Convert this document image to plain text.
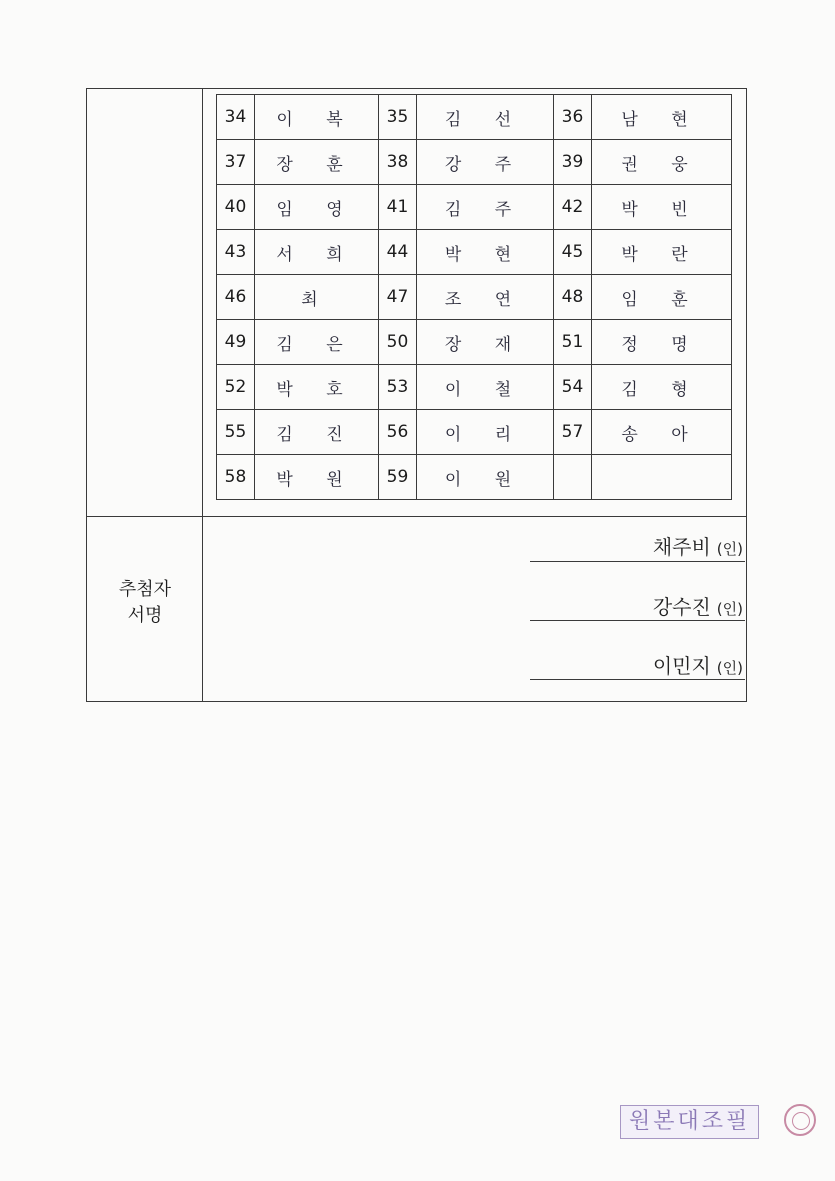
추첨자
서명
34	이 복	35	김 선	36	남 현
37	장 훈	38	강 주	39	권 웅
40	임 영	41	김 주	42	박 빈
43	서 희	44	박 현	45	박 란
46	최	47	조 연	48	임 훈
49	김 은	50	장 재	51	정 명
52	박 호	53	이 철	54	김 형
55	김 진	56	이 리	57	송 아
58	박 원	59	이 원		
채주비 (인)
강수진 (인)
이민지 (인)
원본대조필
